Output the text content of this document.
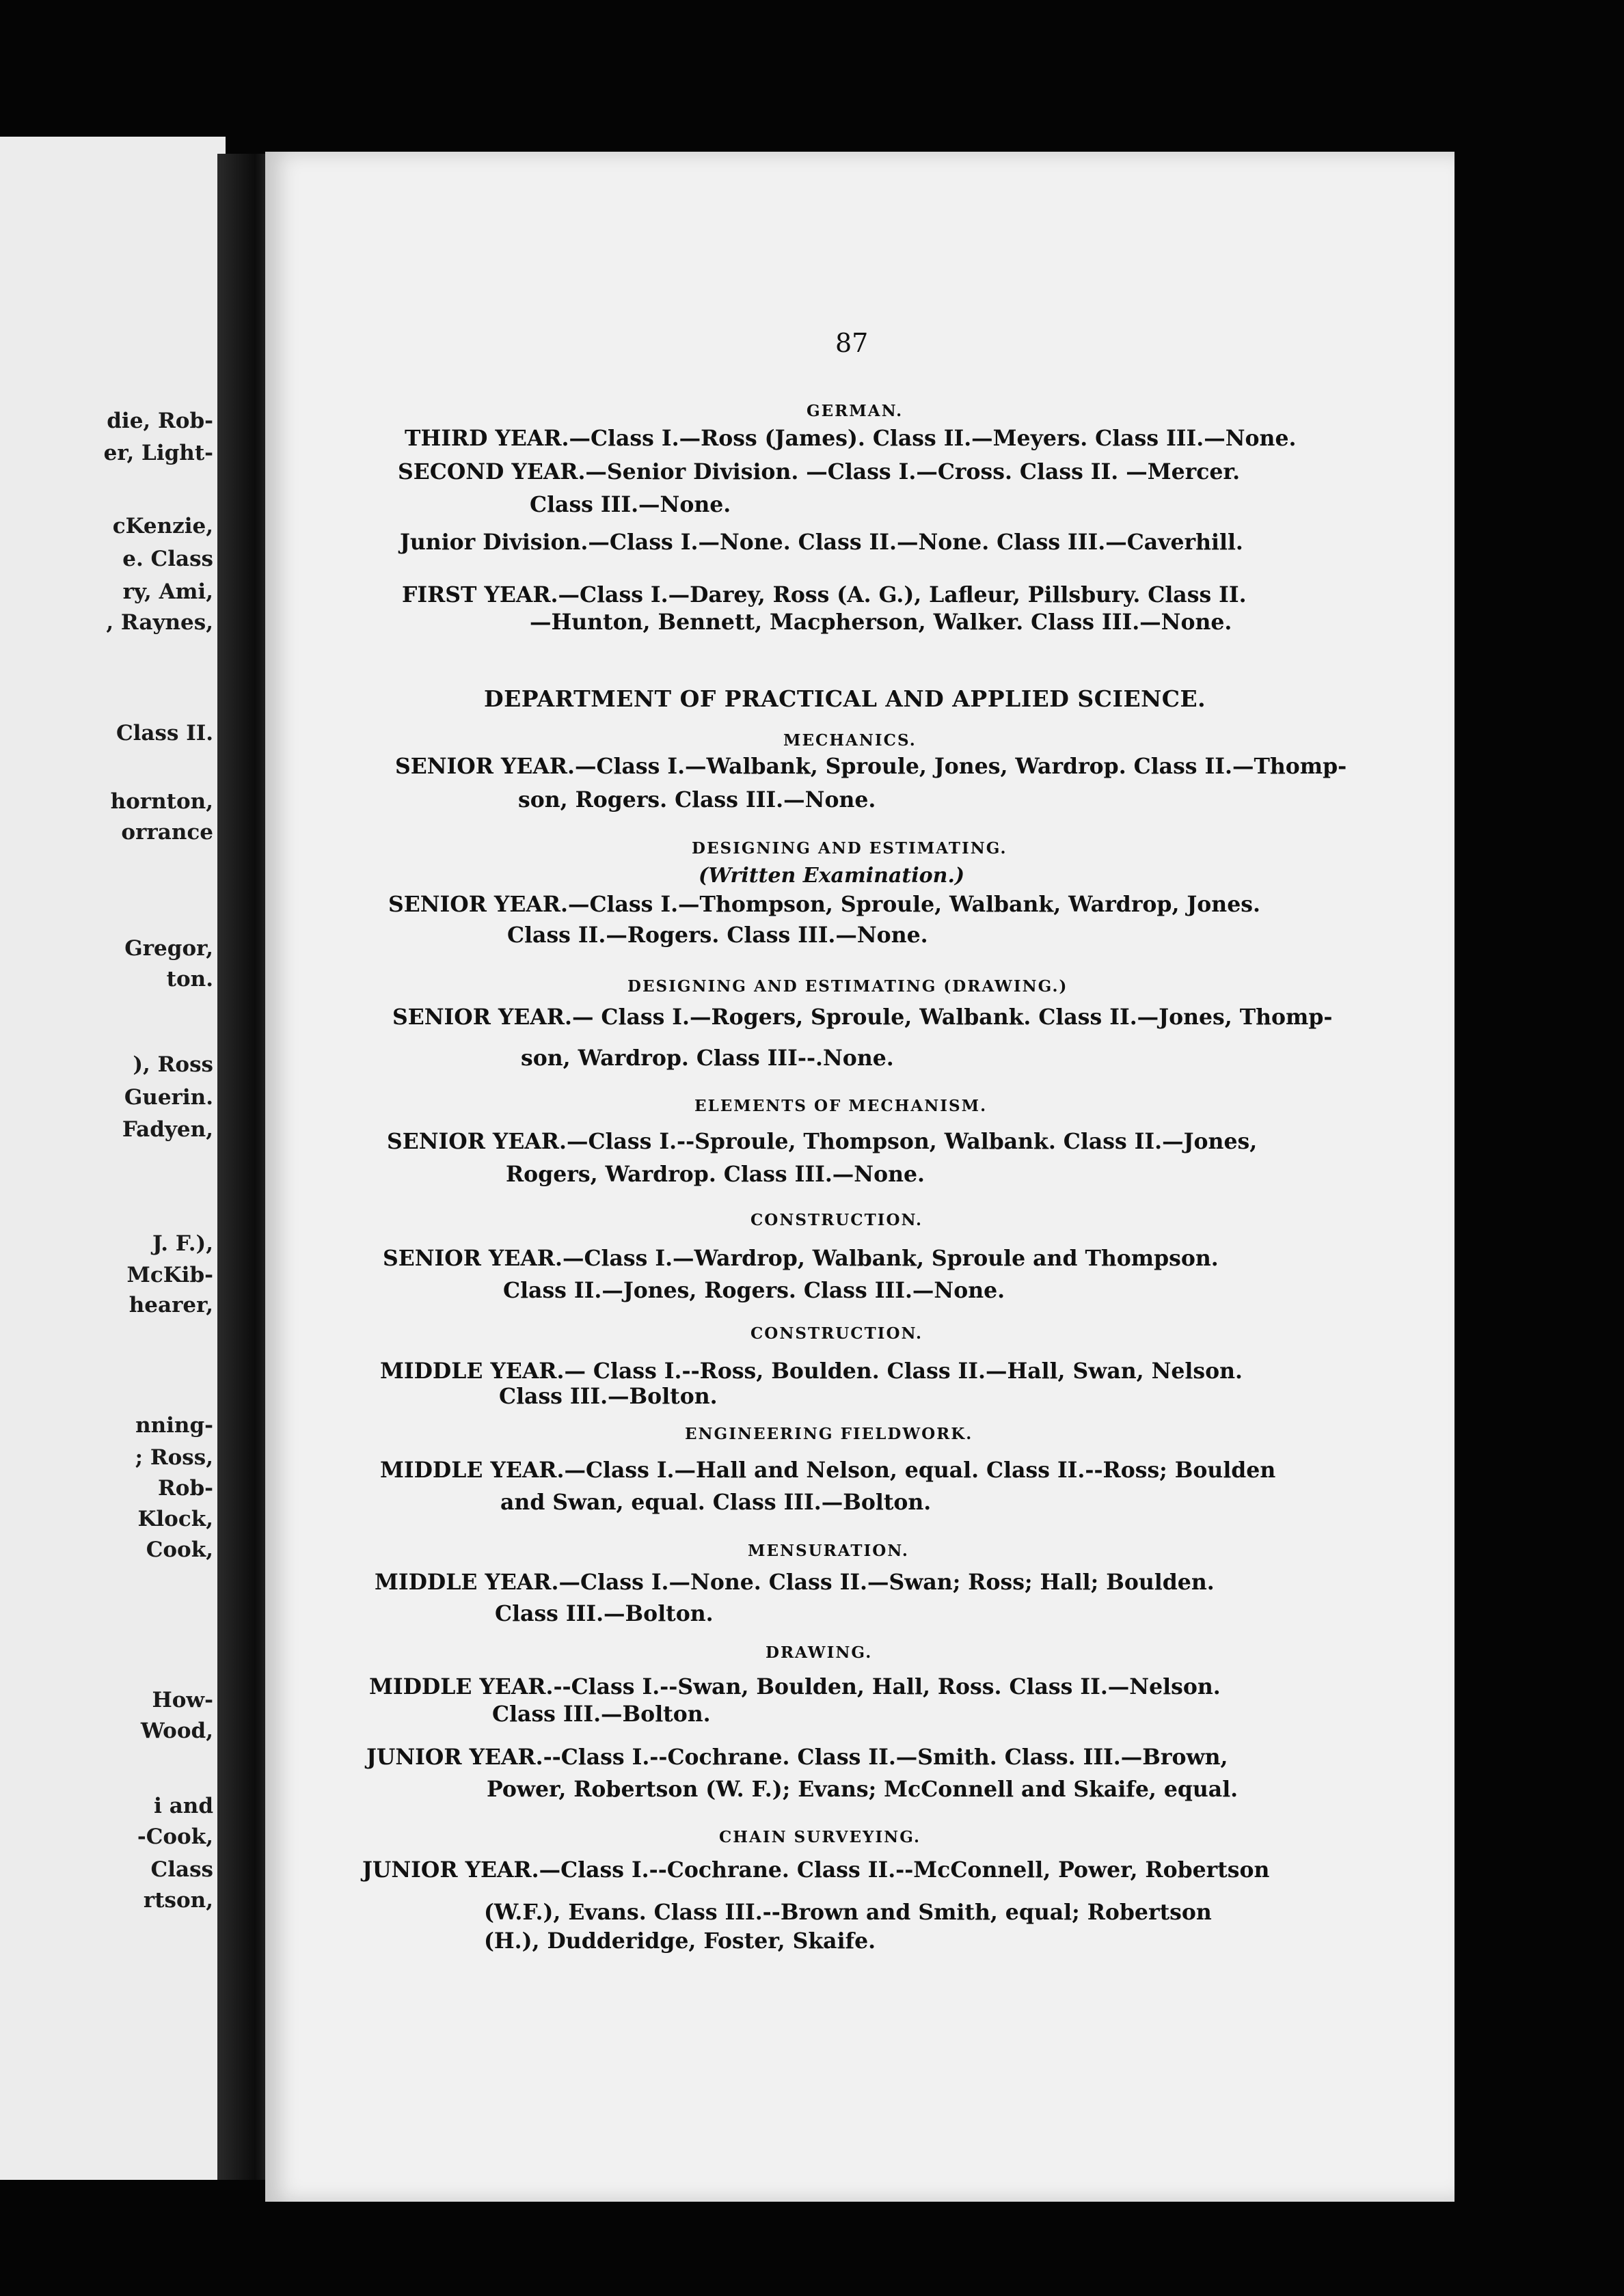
die, Rob-
er, Light-
cKenzie,
e. Class
ry, Ami,
, Raynes,
Class II.
hornton,
orrance
Gregor,
ton.
), Ross
Guerin.
Fadyen,
J. F.),
McKib-
hearer,
nning-
; Ross,
Rob-
Klock,
Cook,
How-
Wood,
i and
-Cook,
Class
rtson,
87
GERMAN.
THIRD YEAR.—Class I.—Ross (James). Class II.—Meyers. Class III.—None.
SECOND YEAR.—Senior Division. —Class I.—Cross. Class II. —Mercer.
Class III.—None.
Junior Division.—Class I.—None. Class II.—None. Class III.—Caverhill.
FIRST YEAR.—Class I.—Darey, Ross (A. G.), Lafleur, Pillsbury. Class II.
—Hunton, Bennett, Macpherson, Walker. Class III.—None.
DEPARTMENT OF PRACTICAL AND APPLIED SCIENCE.
MECHANICS.
SENIOR YEAR.—Class I.—Walbank, Sproule, Jones, Wardrop. Class II.—Thomp-
son, Rogers. Class III.—None.
DESIGNING AND ESTIMATING.
(Written Examination.)
SENIOR YEAR.—Class I.—Thompson, Sproule, Walbank, Wardrop, Jones.
Class II.—Rogers. Class III.—None.
DESIGNING AND ESTIMATING (DRAWING.)
SENIOR YEAR.— Class I.—Rogers, Sproule, Walbank. Class II.—Jones, Thomp-
son, Wardrop. Class III--.None.
ELEMENTS OF MECHANISM.
SENIOR YEAR.—Class I.--Sproule, Thompson, Walbank. Class II.—Jones,
Rogers, Wardrop. Class III.—None.
CONSTRUCTION.
SENIOR YEAR.—Class I.—Wardrop, Walbank, Sproule and Thompson.
Class II.—Jones, Rogers. Class III.—None.
CONSTRUCTION.
MIDDLE YEAR.— Class I.--Ross, Boulden. Class II.—Hall, Swan, Nelson.
Class III.—Bolton.
ENGINEERING FIELDWORK.
MIDDLE YEAR.—Class I.—Hall and Nelson, equal. Class II.--Ross; Boulden
and Swan, equal. Class III.—Bolton.
MENSURATION.
MIDDLE YEAR.—Class I.—None. Class II.—Swan; Ross; Hall; Boulden.
Class III.—Bolton.
DRAWING.
MIDDLE YEAR.--Class I.--Swan, Boulden, Hall, Ross. Class II.—Nelson.
Class III.—Bolton.
JUNIOR YEAR.--Class I.--Cochrane. Class II.—Smith. Class. III.—Brown,
Power, Robertson (W. F.); Evans; McConnell and Skaife, equal.
CHAIN SURVEYING.
JUNIOR YEAR.—Class I.--Cochrane. Class II.--McConnell, Power, Robertson
(W.F.), Evans. Class III.--Brown and Smith, equal; Robertson
(H.), Dudderidge, Foster, Skaife.
